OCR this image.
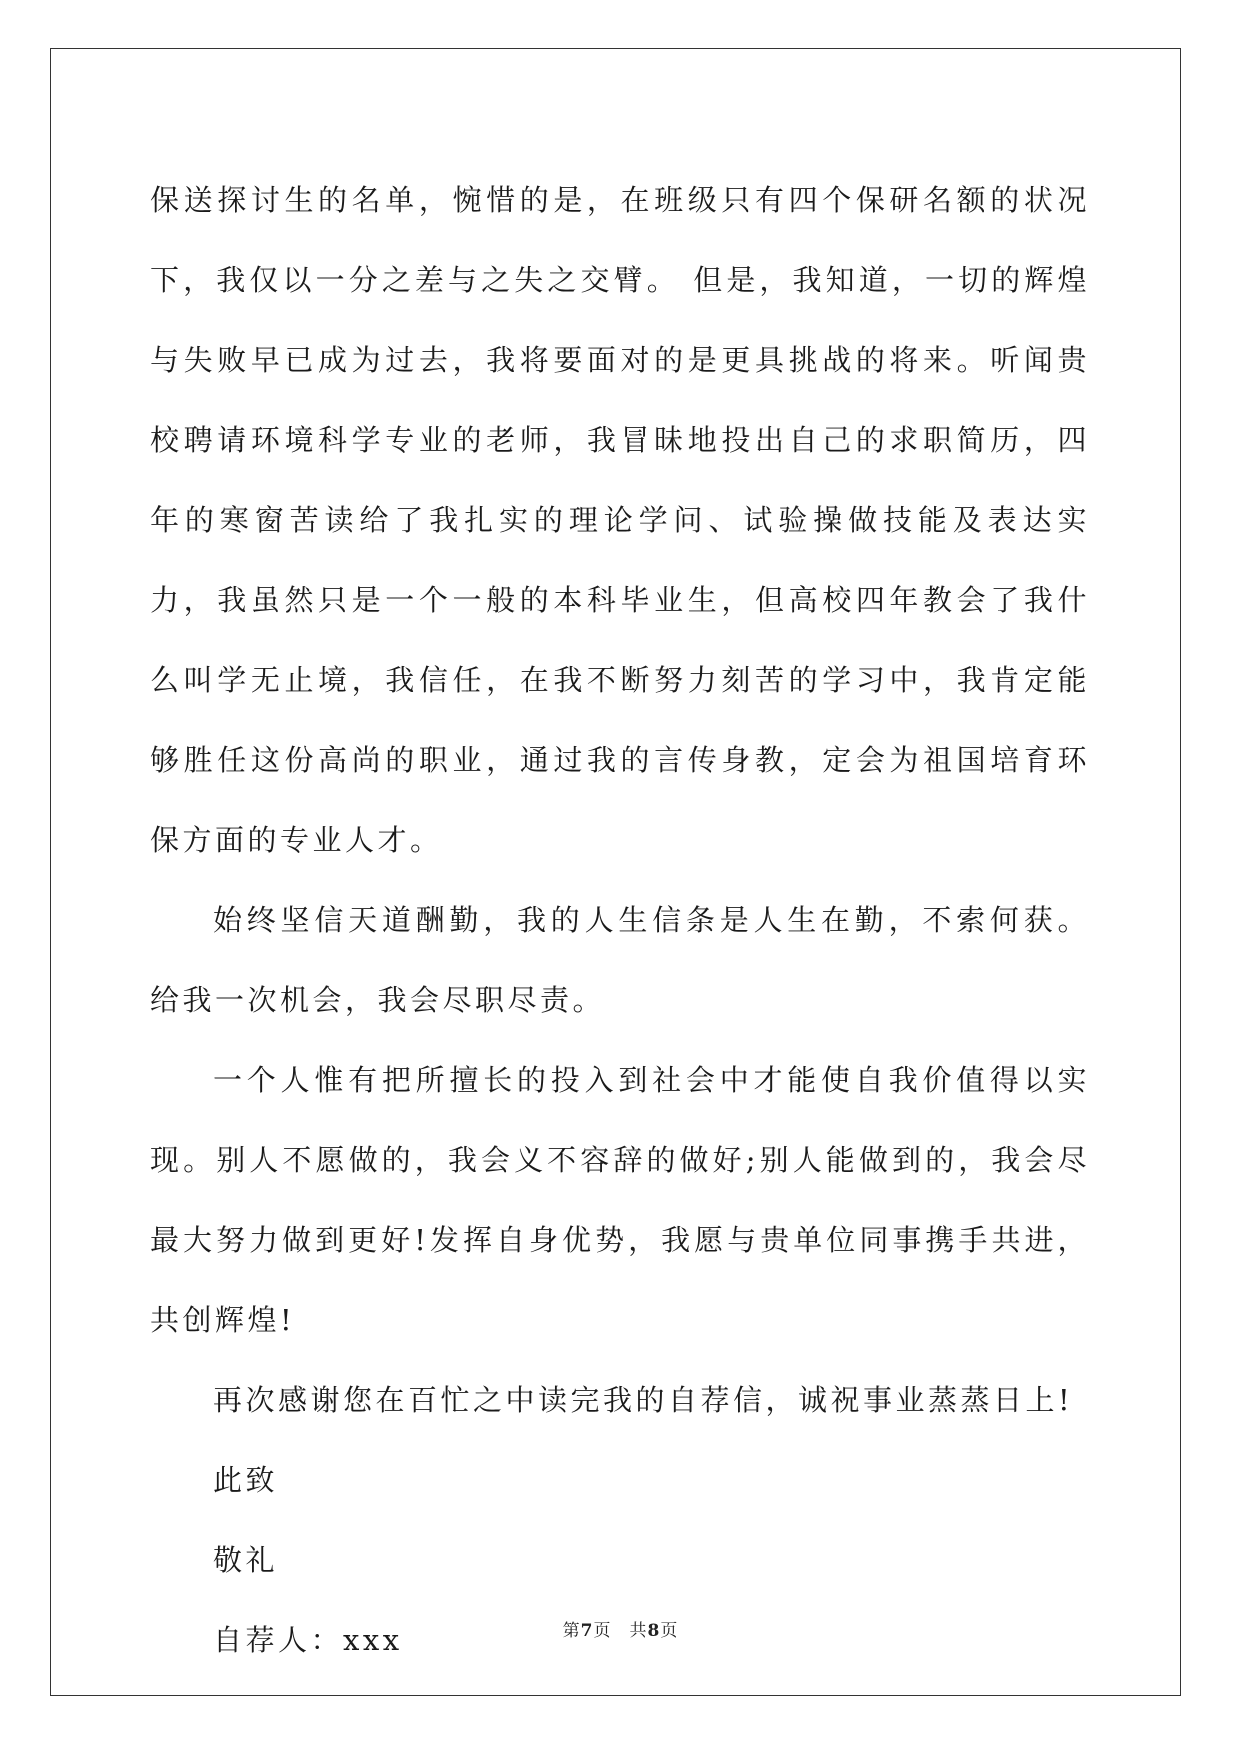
保送探讨生的名单，惋惜的是，在班级只有四个保研名额的状况下，我仅以一分之差与之失之交臂。 但是，我知道，一切的辉煌与失败早已成为过去，我将要面对的是更具挑战的将来。听闻贵校聘请环境科学专业的老师，我冒昧地投出自己的求职简历，四年的寒窗苦读给了我扎实的理论学问、试验操做技能及表达实力，我虽然只是一个一般的本科毕业生，但高校四年教会了我什么叫学无止境，我信任，在我不断努力刻苦的学习中，我肯定能够胜任这份高尚的职业，通过我的言传身教，定会为祖国培育环保方面的专业人才。

始终坚信天道酬勤，我的人生信条是人生在勤，不索何获。给我一次机会，我会尽职尽责。

一个人惟有把所擅长的投入到社会中才能使自我价值得以实现。别人不愿做的，我会义不容辞的做好;别人能做到的，我会尽最大努力做到更好!发挥自身优势，我愿与贵单位同事携手共进，共创辉煌!

再次感谢您在百忙之中读完我的自荐信，诚祝事业蒸蒸日上!

此致

敬礼

自荐人：xxx	第7页 共8页
